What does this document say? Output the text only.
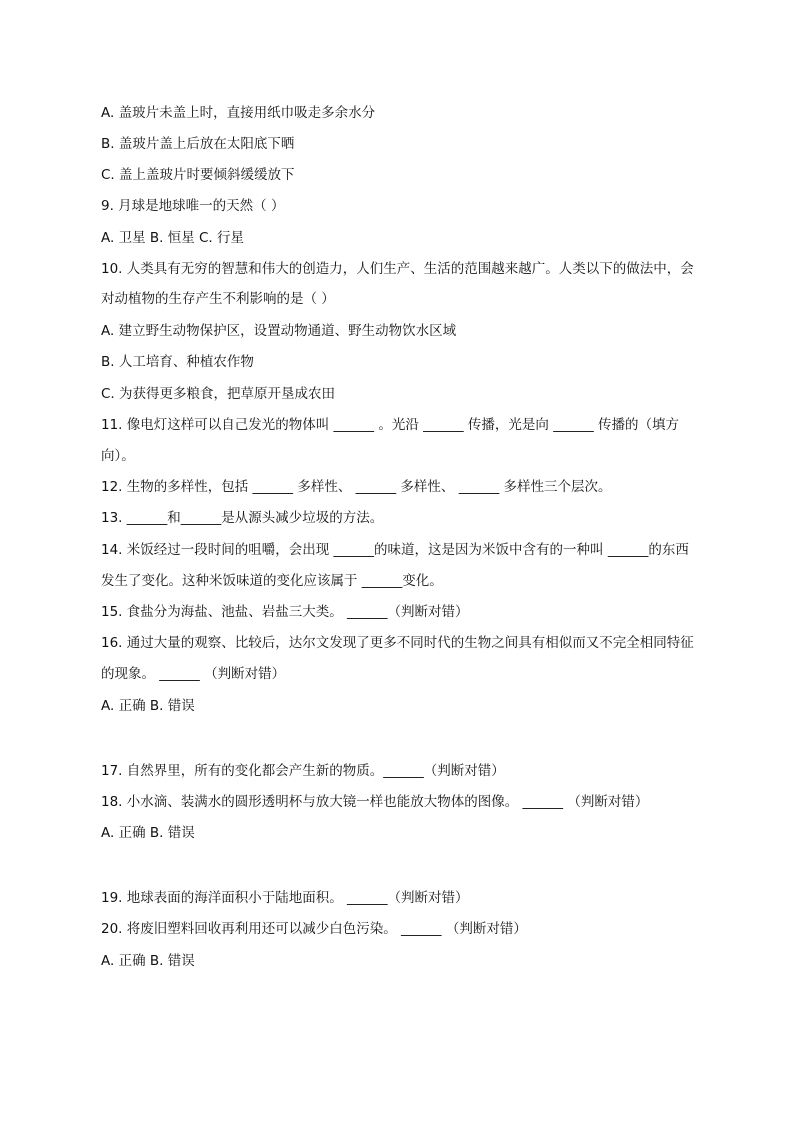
A. 盖玻片未盖上时，直接用纸巾吸走多余水分
B. 盖玻片盖上后放在太阳底下晒
C. 盖上盖玻片时要倾斜缓缓放下
9. 月球是地球唯一的天然（ ）
A. 卫星 B. 恒星 C. 行星
10. 人类具有无穷的智慧和伟大的创造力，人们生产、生活的范围越来越广。人类以下的做法中，会
对动植物的生存产生不利影响的是（ ）
A. 建立野生动物保护区，设置动物通道、野生动物饮水区域
B. 人工培育、种植农作物
C. 为获得更多粮食，把草原开垦成农田
11. 像电灯这样可以自己发光的物体叫 ______ 。光沿 ______ 传播，光是向 ______ 传播的（填方
向）。
12. 生物的多样性，包括 ______ 多样性、 ______ 多样性、 ______ 多样性三个层次。
13. ______和______是从源头减少垃圾的方法。
14. 米饭经过一段时间的咀嚼，会出现 ______的味道，这是因为米饭中含有的一种叫 ______的东西
发生了变化。这种米饭味道的变化应该属于 ______变化。
15. 食盐分为海盐、池盐、岩盐三大类。 ______（判断对错）
16. 通过大量的观察、比较后，达尔文发现了更多不同时代的生物之间具有相似而又不完全相同特征
的现象。 ______ （判断对错）
A. 正确 B. 错误
17. 自然界里，所有的变化都会产生新的物质。______（判断对错）
18. 小水滴、装满水的圆形透明杯与放大镜一样也能放大物体的图像。 ______ （判断对错）
A. 正确 B. 错误
19. 地球表面的海洋面积小于陆地面积。 ______（判断对错）
20. 将废旧塑料回收再利用还可以减少白色污染。 ______ （判断对错）
A. 正确 B. 错误
